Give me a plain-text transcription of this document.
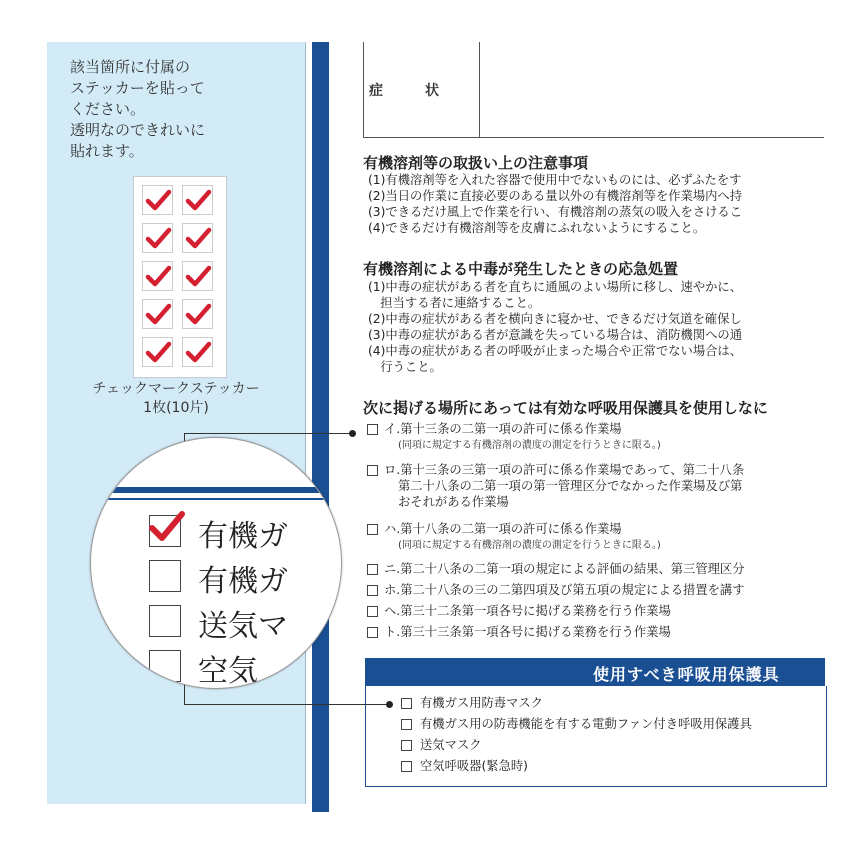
該当箇所に付属の
ステッカーを貼って
ください。
透明なのできれいに
貼れます。
チェックマークステッカー
1枚(10片)
症　状
有機溶剤等の取扱い上の注意事項
(1)有機溶剤等を入れた容器で使用中でないものには、必ずふたをす
(2)当日の作業に直接必要のある量以外の有機溶剤等を作業場内へ持
(3)できるだけ風上で作業を行い、有機溶剤の蒸気の吸入をさけるこ
(4)できるだけ有機溶剤等を皮膚にふれないようにすること。
有機溶剤による中毒が発生したときの応急処置
(1)中毒の症状がある者を直ちに通風のよい場所に移し、速やかに、
　担当する者に連絡すること。
(2)中毒の症状がある者を横向きに寝かせ、できるだけ気道を確保し
(3)中毒の症状がある者が意識を失っている場合は、消防機関への通
(4)中毒の症状がある者の呼吸が止まった場合や正常でない場合は、
　行うこと。
次に掲げる場所にあっては有効な呼吸用保護具を使用しなに
イ.第十三条の二第一項の許可に係る作業場
(同項に規定する有機溶剤の濃度の測定を行うときに限る。)
ロ.第十三条の三第一項の許可に係る作業場であって、第二十八条
第二十八条の二第一項の第一管理区分でなかった作業場及び第
おそれがある作業場
ハ.第十八条の二第一項の許可に係る作業場
(同項に規定する有機溶剤の濃度の測定を行うときに限る。)
ニ.第二十八条の二第一項の規定による評価の結果、第三管理区分
ホ.第二十八条の三の二第四項及び第五項の規定による措置を講す
ヘ.第三十二条第一項各号に掲げる業務を行う作業場
ト.第三十三条第一項各号に掲げる業務を行う作業場
使用すべき呼吸用保護具
有機ガス用防毒マスク
有機ガス用の防毒機能を有する電動ファン付き呼吸用保護具
送気マスク
空気呼吸器(緊急時)
有機ガ
有機ガ
送気マ
空気
